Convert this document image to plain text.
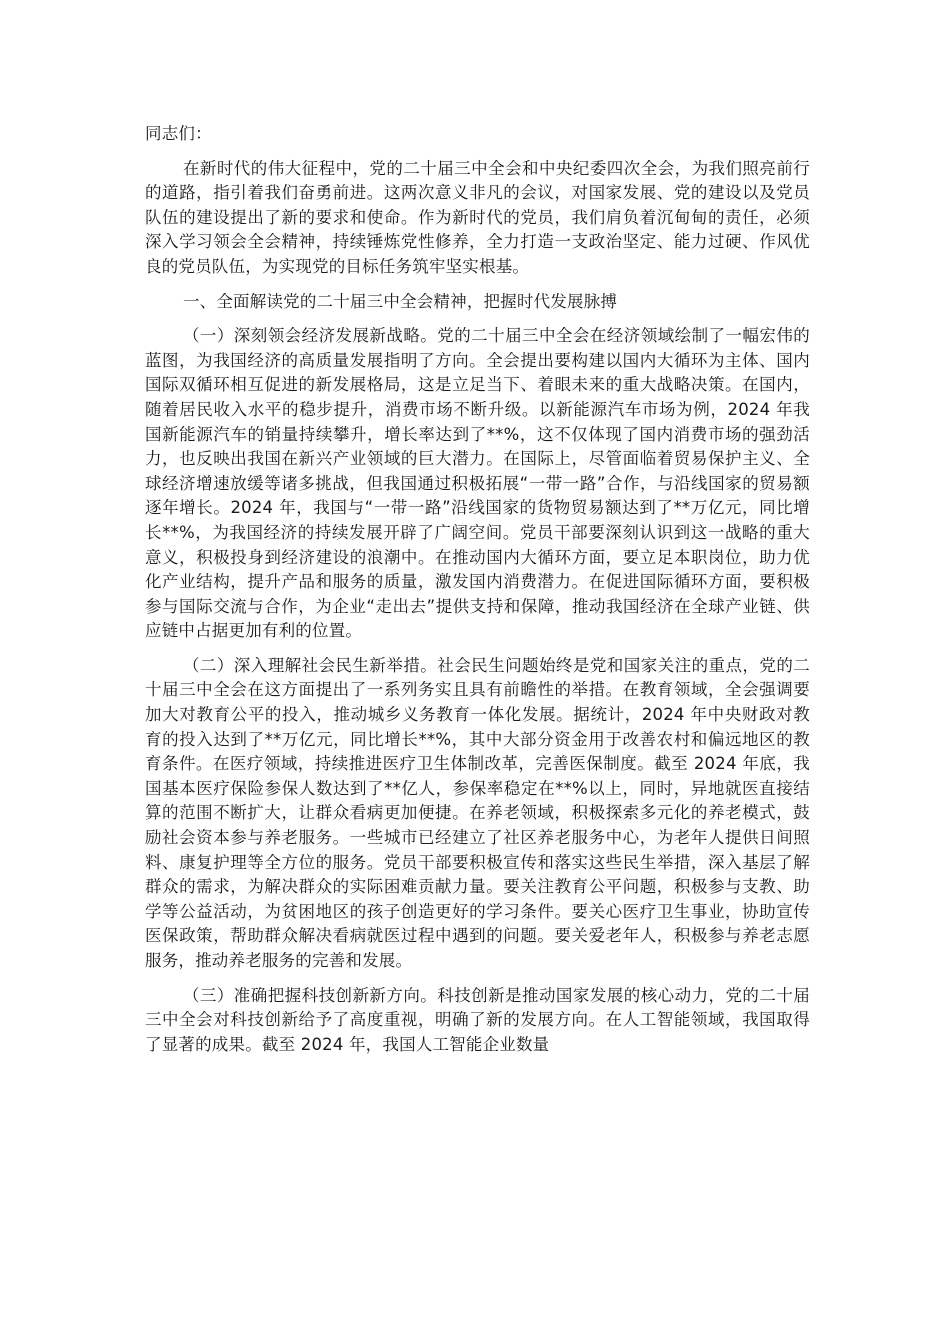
同志们：

在新时代的伟大征程中，党的二十届三中全会和中央纪委四次全会，为我们照亮前行的道路，指引着我们奋勇前进。这两次意义非凡的会议，对国家发展、党的建设以及党员队伍的建设提出了新的要求和使命。作为新时代的党员，我们肩负着沉甸甸的责任，必须深入学习领会全会精神，持续锤炼党性修养，全力打造一支政治坚定、能力过硬、作风优良的党员队伍，为实现党的目标任务筑牢坚实根基。

一、全面解读党的二十届三中全会精神，把握时代发展脉搏

（一）深刻领会经济发展新战略。党的二十届三中全会在经济领域绘制了一幅宏伟的蓝图，为我国经济的高质量发展指明了方向。全会提出要构建以国内大循环为主体、国内国际双循环相互促进的新发展格局，这是立足当下、着眼未来的重大战略决策。在国内，随着居民收入水平的稳步提升，消费市场不断升级。以新能源汽车市场为例，2024 年我国新能源汽车的销量持续攀升，增长率达到了**%，这不仅体现了国内消费市场的强劲活力，也反映出我国在新兴产业领域的巨大潜力。在国际上，尽管面临着贸易保护主义、全球经济增速放缓等诸多挑战，但我国通过积极拓展“一带一路”合作，与沿线国家的贸易额逐年增长。2024 年，我国与“一带一路”沿线国家的货物贸易额达到了**万亿元，同比增长**%，为我国经济的持续发展开辟了广阔空间。党员干部要深刻认识到这一战略的重大意义，积极投身到经济建设的浪潮中。在推动国内大循环方面，要立足本职岗位，助力优化产业结构，提升产品和服务的质量，激发国内消费潜力。在促进国际循环方面，要积极参与国际交流与合作，为企业“走出去”提供支持和保障，推动我国经济在全球产业链、供应链中占据更加有利的位置。

（二）深入理解社会民生新举措。社会民生问题始终是党和国家关注的重点，党的二十届三中全会在这方面提出了一系列务实且具有前瞻性的举措。在教育领域，全会强调要加大对教育公平的投入，推动城乡义务教育一体化发展。据统计，2024 年中央财政对教育的投入达到了**万亿元，同比增长**%，其中大部分资金用于改善农村和偏远地区的教育条件。在医疗领域，持续推进医疗卫生体制改革，完善医保制度。截至 2024 年底，我国基本医疗保险参保人数达到了**亿人，参保率稳定在**%以上，同时，异地就医直接结算的范围不断扩大，让群众看病更加便捷。在养老领域，积极探索多元化的养老模式，鼓励社会资本参与养老服务。一些城市已经建立了社区养老服务中心，为老年人提供日间照料、康复护理等全方位的服务。党员干部要积极宣传和落实这些民生举措，深入基层了解群众的需求，为解决群众的实际困难贡献力量。要关注教育公平问题，积极参与支教、助学等公益活动，为贫困地区的孩子创造更好的学习条件。要关心医疗卫生事业，协助宣传医保政策，帮助群众解决看病就医过程中遇到的问题。要关爱老年人，积极参与养老志愿服务，推动养老服务的完善和发展。

（三）准确把握科技创新新方向。科技创新是推动国家发展的核心动力，党的二十届三中全会对科技创新给予了高度重视，明确了新的发展方向。在人工智能领域，我国取得了显著的成果。截至 2024 年，我国人工智能企业数量
